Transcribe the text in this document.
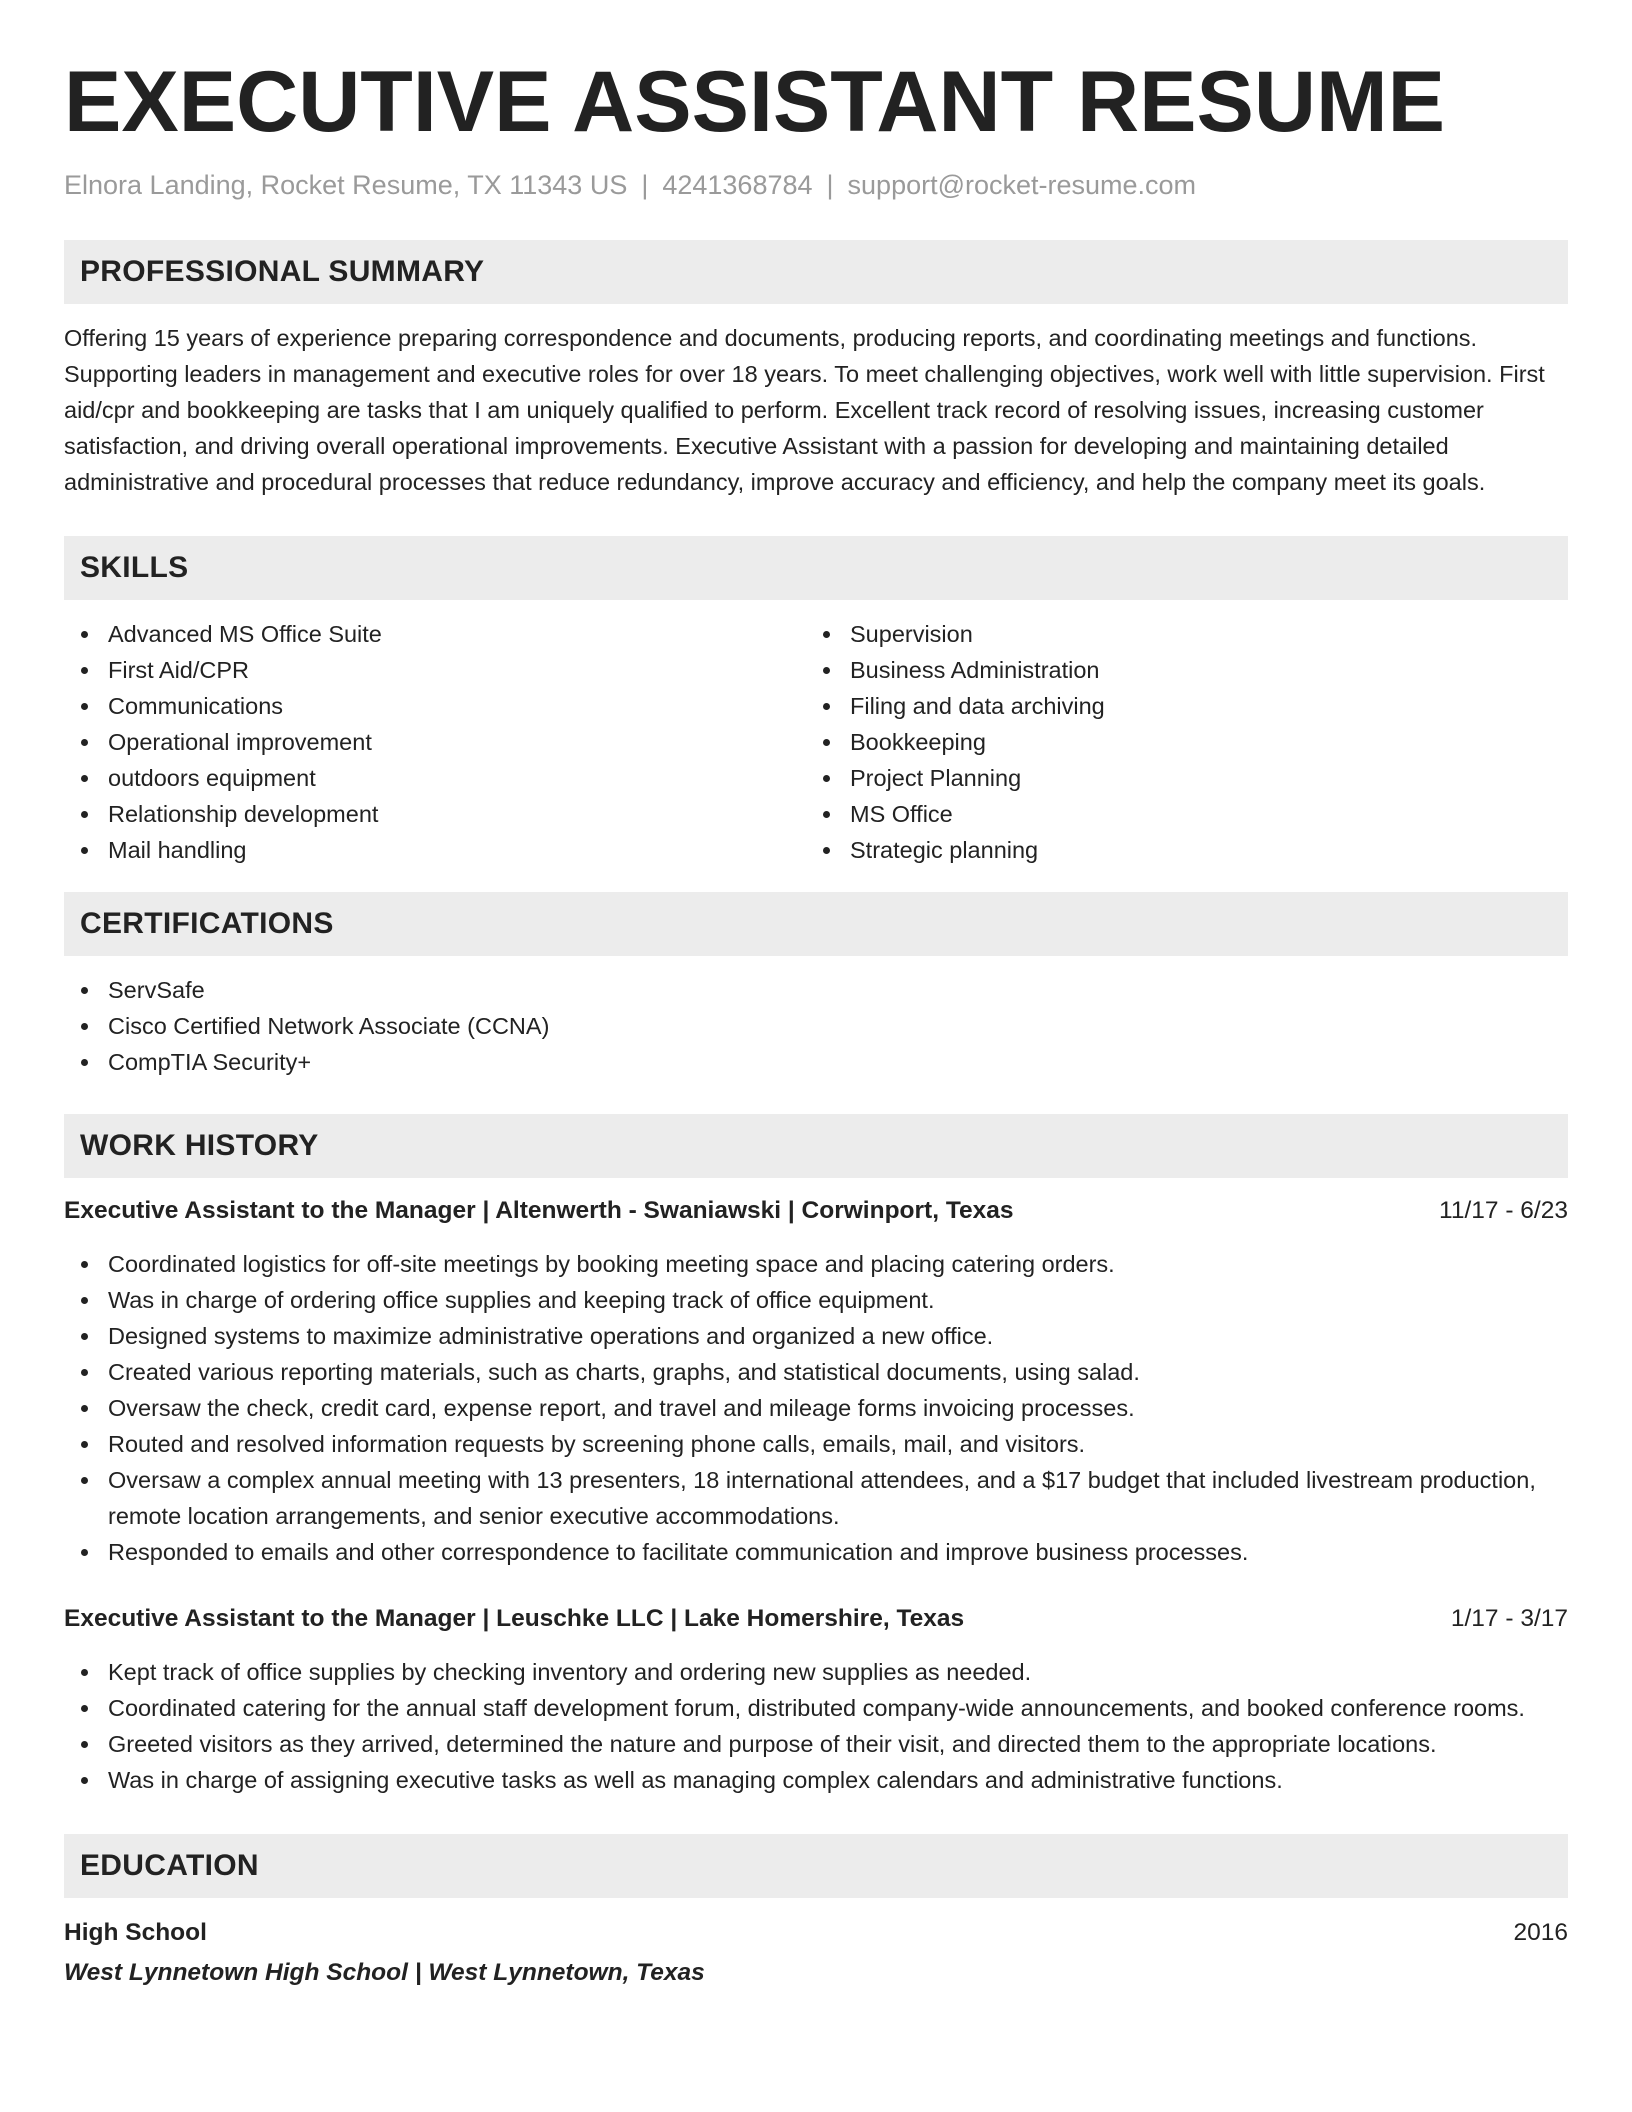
EXECUTIVE ASSISTANT RESUME
Elnora Landing, Rocket Resume, TX 11343 US | 4241368784 | support@rocket-resume.com
PROFESSIONAL SUMMARY

Offering 15 years of experience preparing correspondence and documents, producing reports, and coordinating meetings and functions. Supporting leaders in management and executive roles for over 18 years. To meet challenging objectives, work well with little supervision. First aid/cpr and bookkeeping are tasks that I am uniquely qualified to perform. Excellent track record of resolving issues, increasing customer satisfaction, and driving overall operational improvements. Executive Assistant with a passion for developing and maintaining detailed administrative and procedural processes that reduce redundancy, improve accuracy and efficiency, and help the company meet its goals.

SKILLS
Advanced MS Office Suite
First Aid/CPR
Communications
Operational improvement
outdoors equipment
Relationship development
Mail handling
Supervision
Business Administration
Filing and data archiving
Bookkeeping
Project Planning
MS Office
Strategic planning
CERTIFICATIONS
ServSafe
Cisco Certified Network Associate (CCNA)
CompTIA Security+
WORK HISTORY
Executive Assistant to the Manager | Altenwerth - Swaniawski | Corwinport, Texas	11/17 - 6/23
Coordinated logistics for off-site meetings by booking meeting space and placing catering orders.
Was in charge of ordering office supplies and keeping track of office equipment.
Designed systems to maximize administrative operations and organized a new office.
Created various reporting materials, such as charts, graphs, and statistical documents, using salad.
Oversaw the check, credit card, expense report, and travel and mileage forms invoicing processes.
Routed and resolved information requests by screening phone calls, emails, mail, and visitors.
Oversaw a complex annual meeting with 13 presenters, 18 international attendees, and a $17 budget that included livestream production, remote location arrangements, and senior executive accommodations.
Responded to emails and other correspondence to facilitate communication and improve business processes.
Executive Assistant to the Manager | Leuschke LLC | Lake Homershire, Texas	1/17 - 3/17
Kept track of office supplies by checking inventory and ordering new supplies as needed.
Coordinated catering for the annual staff development forum, distributed company-wide announcements, and booked conference rooms.
Greeted visitors as they arrived, determined the nature and purpose of their visit, and directed them to the appropriate locations.
Was in charge of assigning executive tasks as well as managing complex calendars and administrative functions.
EDUCATION
High School	2016
West Lynnetown High School | West Lynnetown, Texas
